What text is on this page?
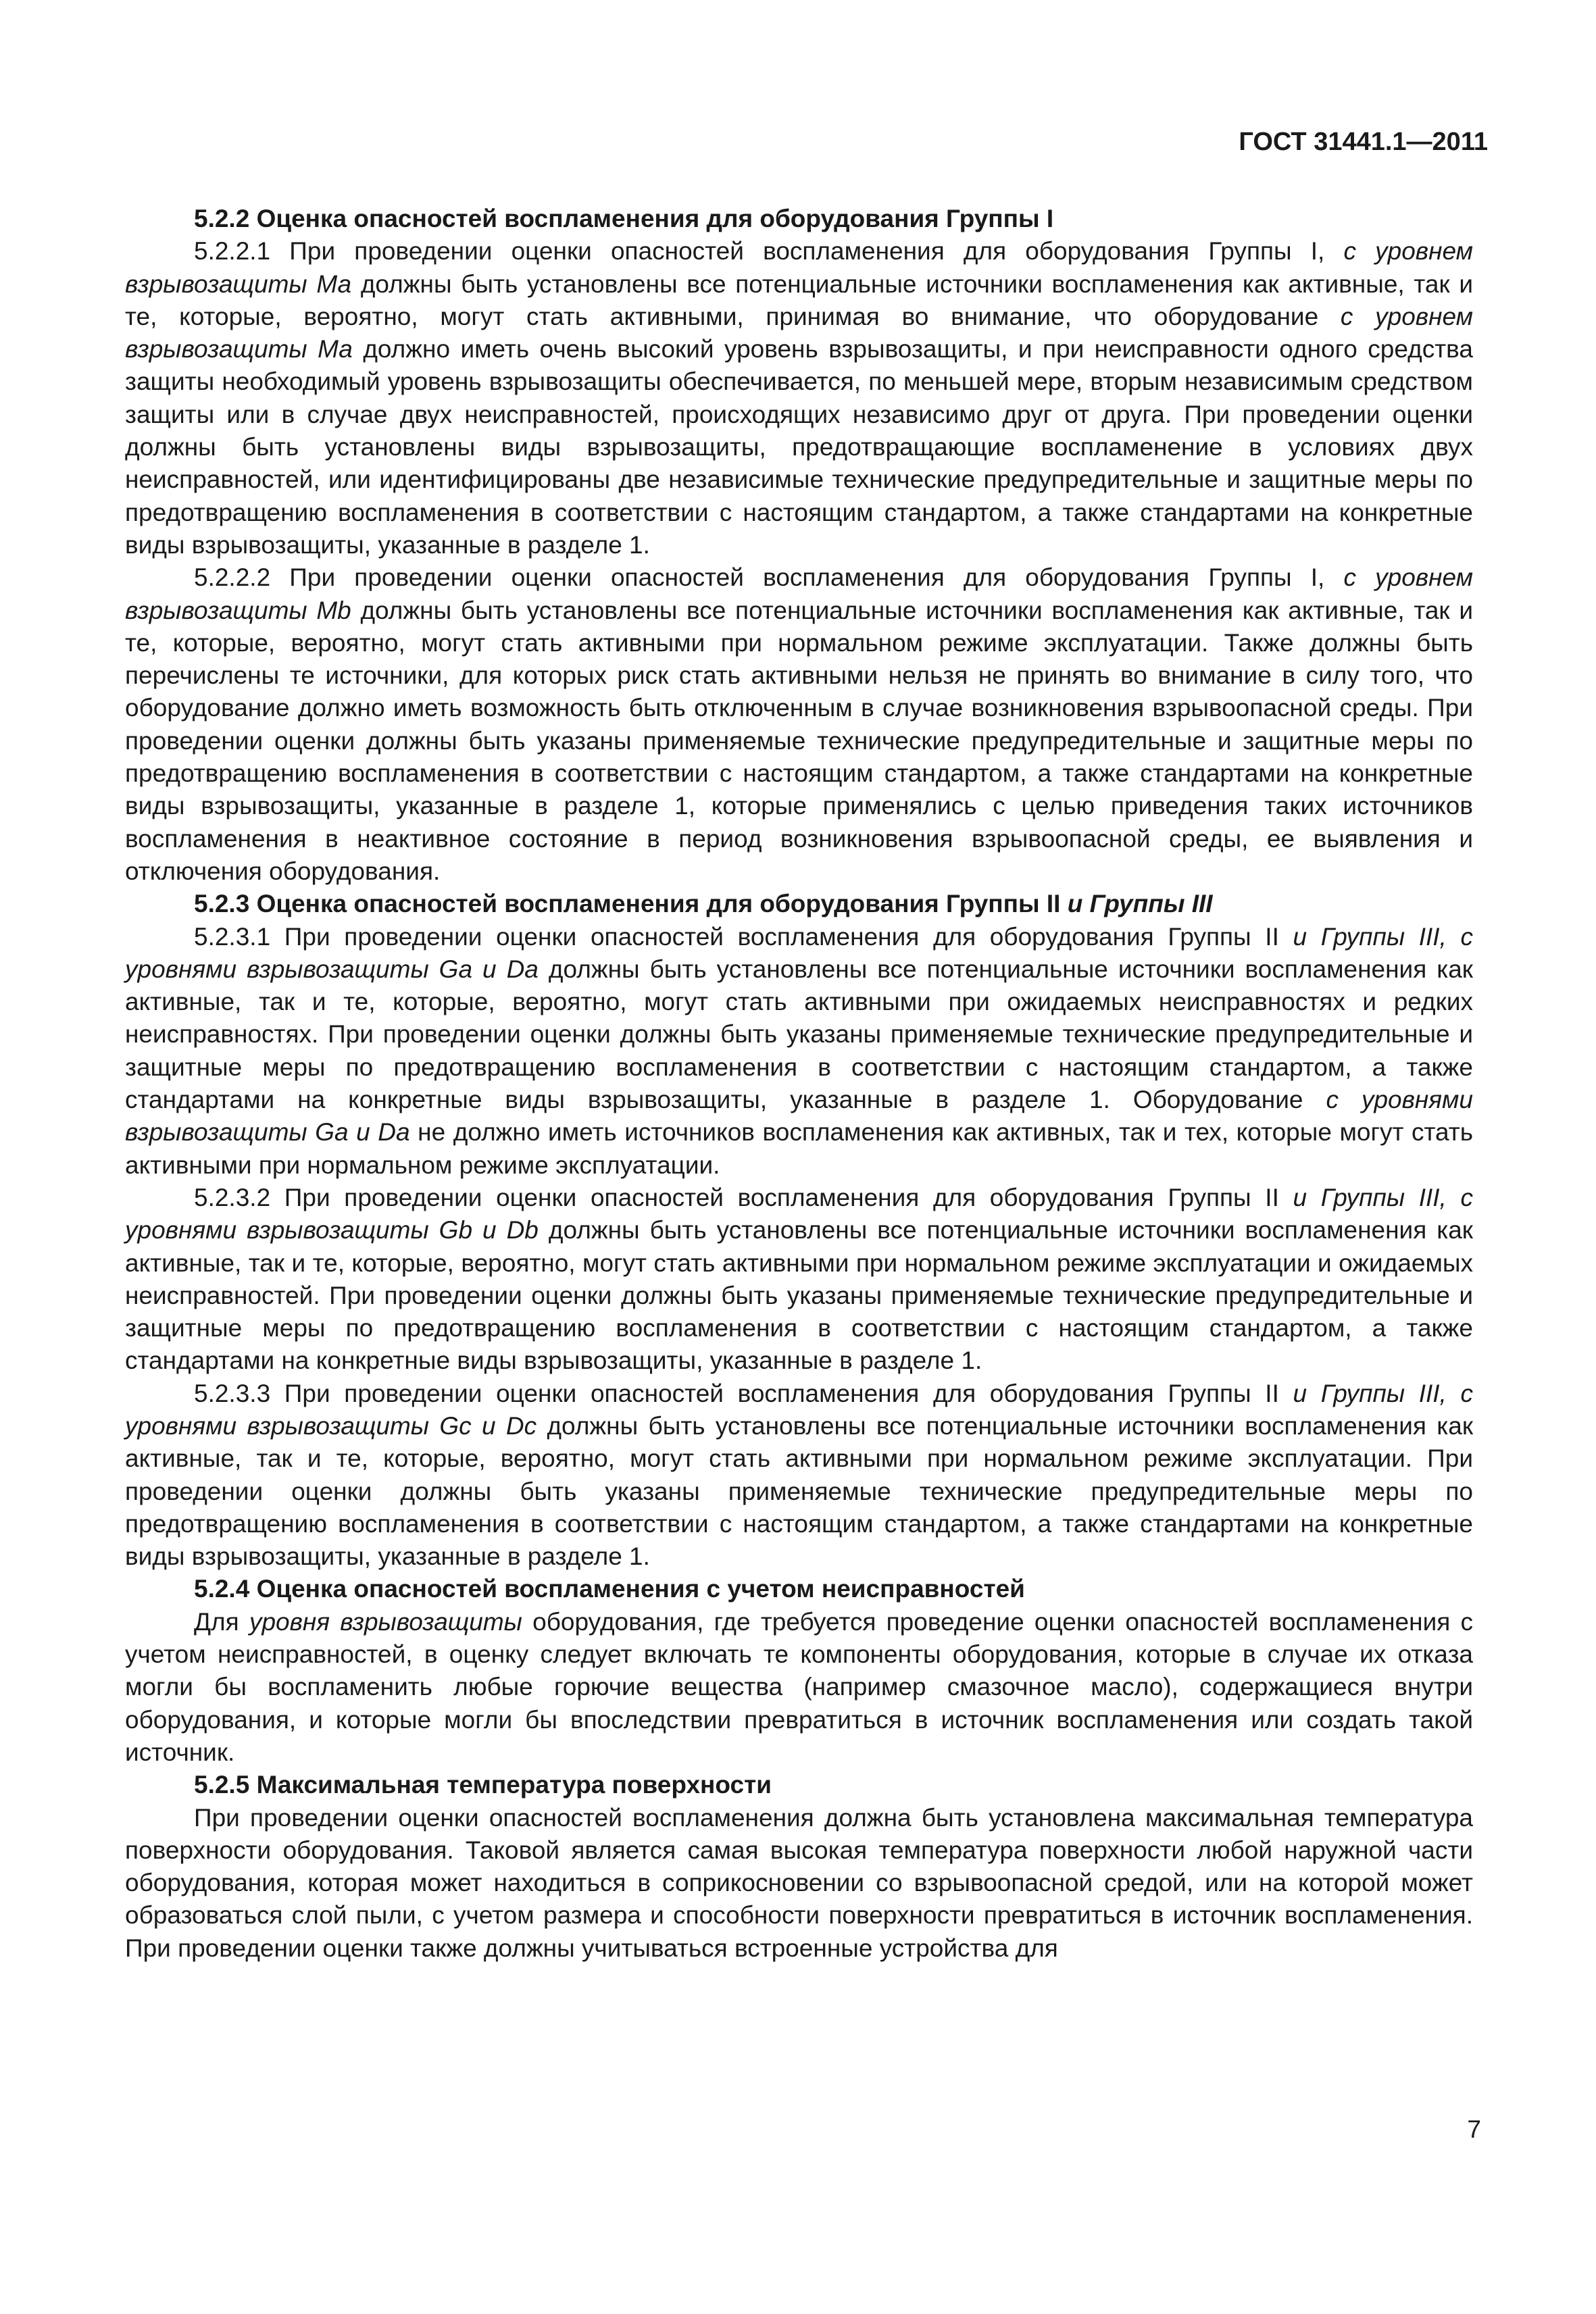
ГОСТ 31441.1—2011

5.2.2 Оценка опасностей воспламенения для оборудования Группы I

5.2.2.1 При проведении оценки опасностей воспламенения для оборудования Группы I, с уровнем взрывозащиты Ма должны быть установлены все потенциальные источники воспламенения как активные, так и те, которые, вероятно, могут стать активными, принимая во внимание, что оборудование с уровнем взрывозащиты Ма должно иметь очень высокий уровень взрывозащиты, и при неисправности одного средства защиты необходимый уровень взрывозащиты обеспечивается, по меньшей мере, вторым независимым средством защиты или в случае двух неисправностей, происходящих независимо друг от друга. При проведении оценки должны быть установлены виды взрывозащиты, предотвращающие воспламенение в условиях двух неисправностей, или идентифицированы две независимые технические предупредительные и защитные меры по предотвращению воспламенения в соответствии с настоящим стандартом, а также стандартами на конкретные виды взрывозащиты, указанные в разделе 1.

5.2.2.2 При проведении оценки опасностей воспламенения для оборудования Группы I, с уровнем взрывозащиты Mb должны быть установлены все потенциальные источники воспламенения как активные, так и те, которые, вероятно, могут стать активными при нормальном режиме эксплуатации. Также должны быть перечислены те источники, для которых риск стать активными нельзя не принять во внимание в силу того, что оборудование должно иметь возможность быть отключенным в случае возникновения взрывоопасной среды. При проведении оценки должны быть указаны применяемые технические предупредительные и защитные меры по предотвращению воспламенения в соответствии с настоящим стандартом, а также стандартами на конкретные виды взрывозащиты, указанные в разделе 1, которые применялись с целью приведения таких источников воспламенения в неактивное состояние в период возникновения взрывоопасной среды, ее выявления и отключения оборудования.

5.2.3 Оценка опасностей воспламенения для оборудования Группы II и Группы III

5.2.3.1 При проведении оценки опасностей воспламенения для оборудования Группы II и Группы III, с уровнями взрывозащиты Ga и Da должны быть установлены все потенциальные источники воспламенения как активные, так и те, которые, вероятно, могут стать активными при ожидаемых неисправностях и редких неисправностях. При проведении оценки должны быть указаны применяемые технические предупредительные и защитные меры по предотвращению воспламенения в соответствии с настоящим стандартом, а также стандартами на конкретные виды взрывозащиты, указанные в разделе 1. Оборудование с уровнями взрывозащиты Ga и Da не должно иметь источников воспламенения как активных, так и тех, которые могут стать активными при нормальном режиме эксплуатации.

5.2.3.2 При проведении оценки опасностей воспламенения для оборудования Группы II и Группы III, с уровнями взрывозащиты Gb и Db должны быть установлены все потенциальные источники воспламенения как активные, так и те, которые, вероятно, могут стать активными при нормальном режиме эксплуатации и ожидаемых неисправностей. При проведении оценки должны быть указаны применяемые технические предупредительные и защитные меры по предотвращению воспламенения в соответствии с настоящим стандартом, а также стандартами на конкретные виды взрывозащиты, указанные в разделе 1.

5.2.3.3 При проведении оценки опасностей воспламенения для оборудования Группы II и Группы III, с уровнями взрывозащиты Gc и Dc должны быть установлены все потенциальные источники воспламенения как активные, так и те, которые, вероятно, могут стать активными при нормальном режиме эксплуатации. При проведении оценки должны быть указаны применяемые технические предупредительные меры по предотвращению воспламенения в соответствии с настоящим стандартом, а также стандартами на конкретные виды взрывозащиты, указанные в разделе 1.

5.2.4 Оценка опасностей воспламенения с учетом неисправностей

Для уровня взрывозащиты оборудования, где требуется проведение оценки опасностей воспламенения с учетом неисправностей, в оценку следует включать те компоненты оборудования, которые в случае их отказа могли бы воспламенить любые горючие вещества (например смазочное масло), содержащиеся внутри оборудования, и которые могли бы впоследствии превратиться в источник воспламенения или создать такой источник.

5.2.5 Максимальная температура поверхности

При проведении оценки опасностей воспламенения должна быть установлена максимальная температура поверхности оборудования. Таковой является самая высокая температура поверхности любой наружной части оборудования, которая может находиться в соприкосновении со взрывоопасной средой, или на которой может образоваться слой пыли, с учетом размера и способности поверхности превратиться в источник воспламенения. При проведении оценки также должны учитываться встроенные устройства для

7
